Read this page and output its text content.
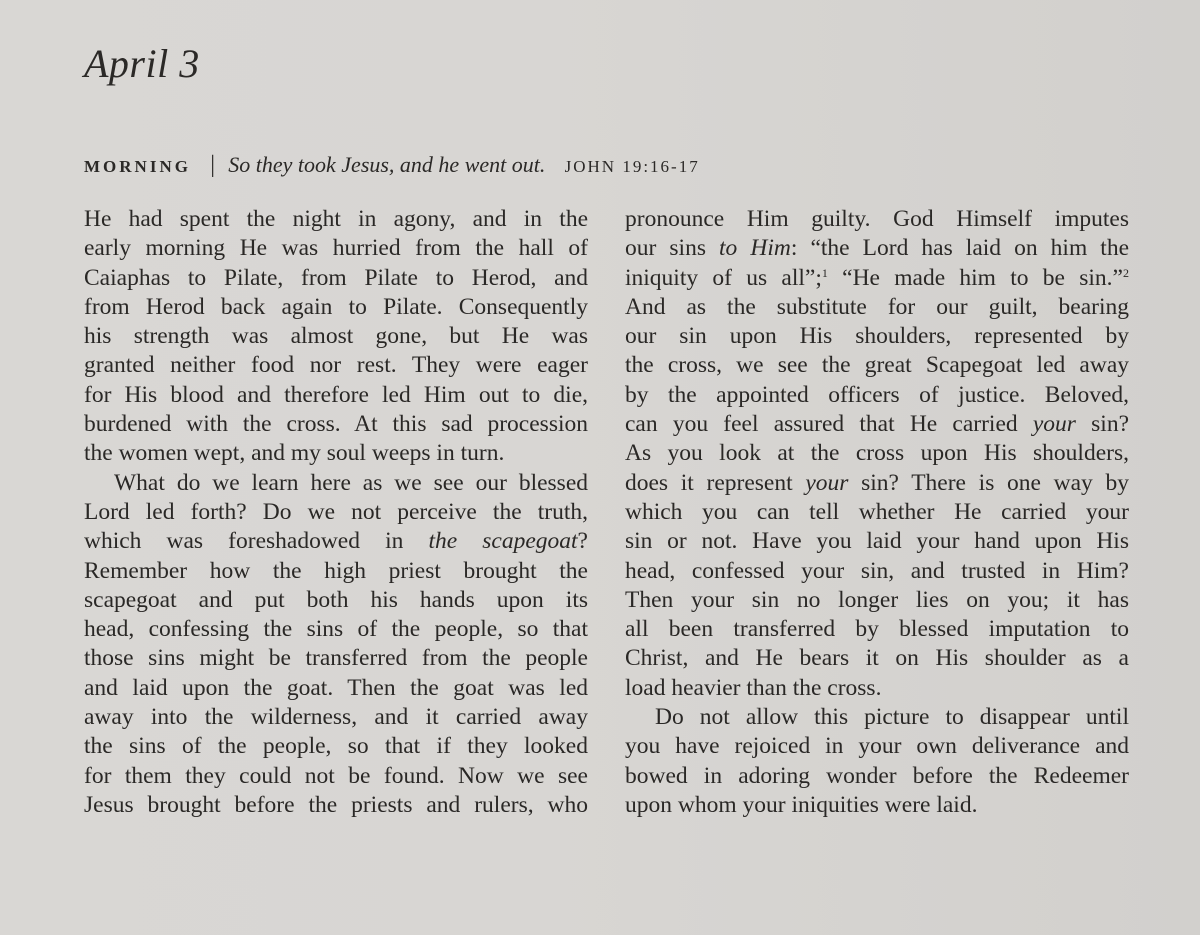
April 3
MORNING | So they took Jesus, and he went out. JOHN 19:16-17

He had spent the night in agony, and in the
early morning He was hurried from the hall of
Caiaphas to Pilate, from Pilate to Herod, and
from Herod back again to Pilate. Consequently
his strength was almost gone, but He was
granted neither food nor rest. They were eager
for His blood and therefore led Him out to die,
burdened with the cross. At this sad procession
the women wept, and my soul weeps in turn.

What do we learn here as we see our blessed
Lord led forth? Do we not perceive the truth,
which was foreshadowed in the scapegoat?
Remember how the high priest brought the
scapegoat and put both his hands upon its
head, confessing the sins of the people, so that
those sins might be transferred from the people
and laid upon the goat. Then the goat was led
away into the wilderness, and it carried away
the sins of the people, so that if they looked
for them they could not be found. Now we see
Jesus brought before the priests and rulers, who

pronounce Him guilty. God Himself imputes
our sins to Him: “the Lord has laid on him the
iniquity of us all”;$^1$ “He made him to be sin.”$^2$
And as the substitute for our guilt, bearing
our sin upon His shoulders, represented by
the cross, we see the great Scapegoat led away
by the appointed officers of justice. Beloved,
can you feel assured that He carried your sin?
As you look at the cross upon His shoulders,
does it represent your sin? There is one way by
which you can tell whether He carried your
sin or not. Have you laid your hand upon His
head, confessed your sin, and trusted in Him?
Then your sin no longer lies on you; it has
all been transferred by blessed imputation to
Christ, and He bears it on His shoulder as a
load heavier than the cross.

Do not allow this picture to disappear until
you have rejoiced in your own deliverance and
bowed in adoring wonder before the Redeemer
upon whom your iniquities were laid.
